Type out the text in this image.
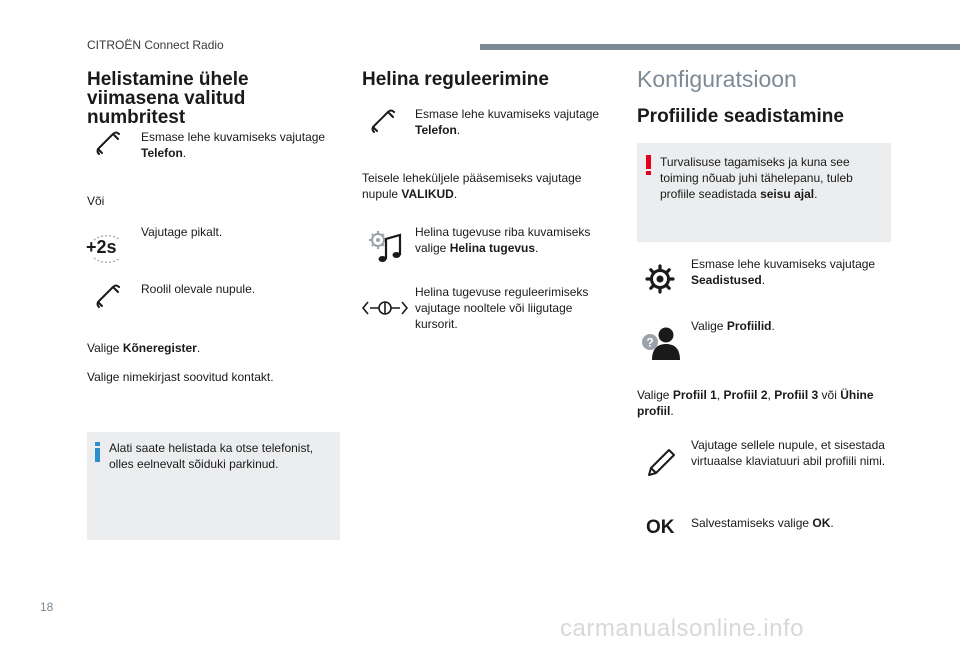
CITROËN Connect Radio
Helistamine ühele viimasena valitud numbritest
Esmase lehe kuvamiseks vajutage Telefon.
Või
+2s
Vajutage pikalt.
Roolil olevale nupule.
Valige Kõneregister.
Valige nimekirjast soovitud kontakt.
Alati saate helistada ka otse telefonist, olles eelnevalt sõiduki parkinud.
Helina reguleerimine
Esmase lehe kuvamiseks vajutage Telefon.
Teisele leheküljele pääsemiseks vajutage nupule VALIKUD.
Helina tugevuse riba kuvamiseks valige Helina tugevus.
Helina tugevuse reguleerimiseks vajutage nooltele või liigutage kursorit.
Konfiguratsioon
Profiilide seadistamine
Turvalisuse tagamiseks ja kuna see toiming nõuab juhi tähelepanu, tuleb profiile seadistada seisu ajal.
Esmase lehe kuvamiseks vajutage Seadistused.
?
Valige Profiilid.
Valige Profiil 1, Profiil 2, Profiil 3 või Ühine profiil.
Vajutage sellele nupule, et sisestada virtuaalse klaviatuuri abil profiili nimi.
OK Salvestamiseks valige OK.
18
carmanualsonline.info
